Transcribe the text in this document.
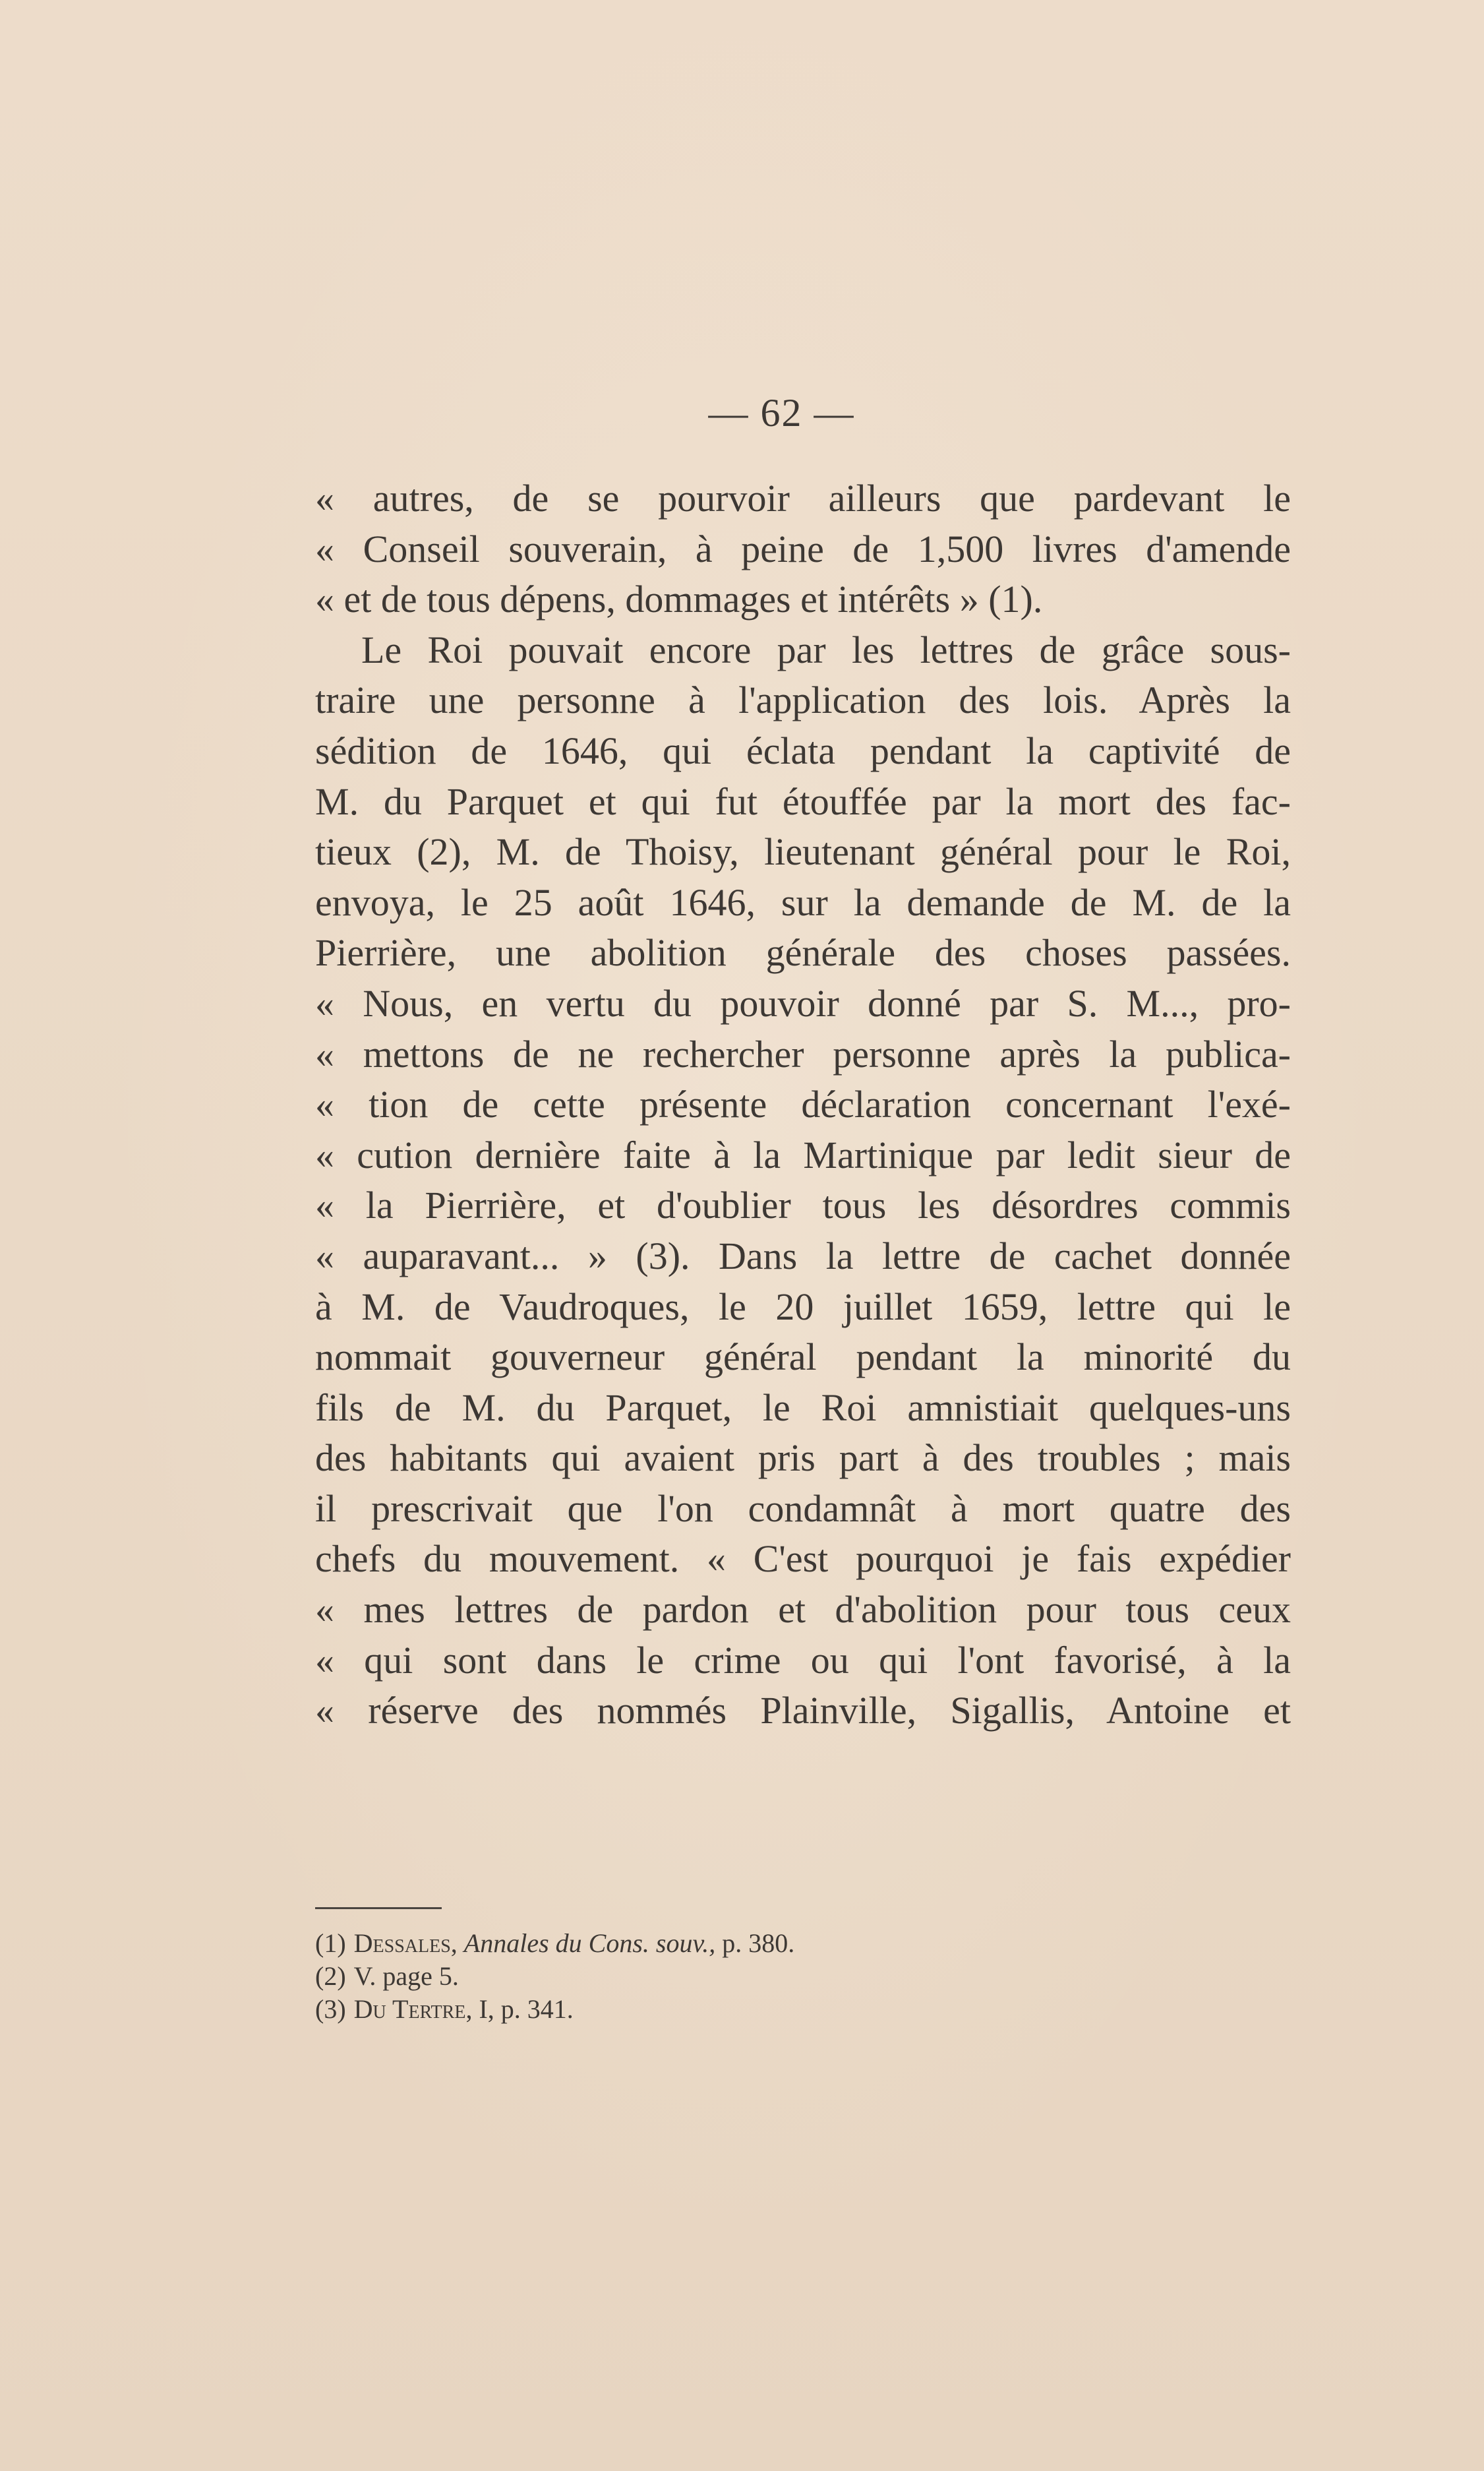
— 62 —
« autres, de se pourvoir ailleurs que pardevant le
« Conseil souverain, à peine de 1,500 livres d'amende
« et de tous dépens, dommages et intérêts » (1).
Le Roi pouvait encore par les lettres de grâce sous-
traire une personne à l'application des lois. Après la
sédition de 1646, qui éclata pendant la captivité de
M. du Parquet et qui fut étouffée par la mort des fac-
tieux (2), M. de Thoisy, lieutenant général pour le Roi,
envoya, le 25 août 1646, sur la demande de M. de la
Pierrière, une abolition générale des choses passées.
« Nous, en vertu du pouvoir donné par S. M..., pro-
« mettons de ne rechercher personne après la publica-
« tion de cette présente déclaration concernant l'exé-
« cution dernière faite à la Martinique par ledit sieur de
« la Pierrière, et d'oublier tous les désordres commis
« auparavant... » (3). Dans la lettre de cachet donnée
à M. de Vaudroques, le 20 juillet 1659, lettre qui le
nommait gouverneur général pendant la minorité du
fils de M. du Parquet, le Roi amnistiait quelques-uns
des habitants qui avaient pris part à des troubles ; mais
il prescrivait que l'on condamnât à mort quatre des
chefs du mouvement. « C'est pourquoi je fais expédier
« mes lettres de pardon et d'abolition pour tous ceux
« qui sont dans le crime ou qui l'ont favorisé, à la
« réserve des nommés Plainville, Sigallis, Antoine et
(1) Dessales, Annales du Cons. souv., p. 380.
(2) V. page 5.
(3) Du Tertre, I, p. 341.
